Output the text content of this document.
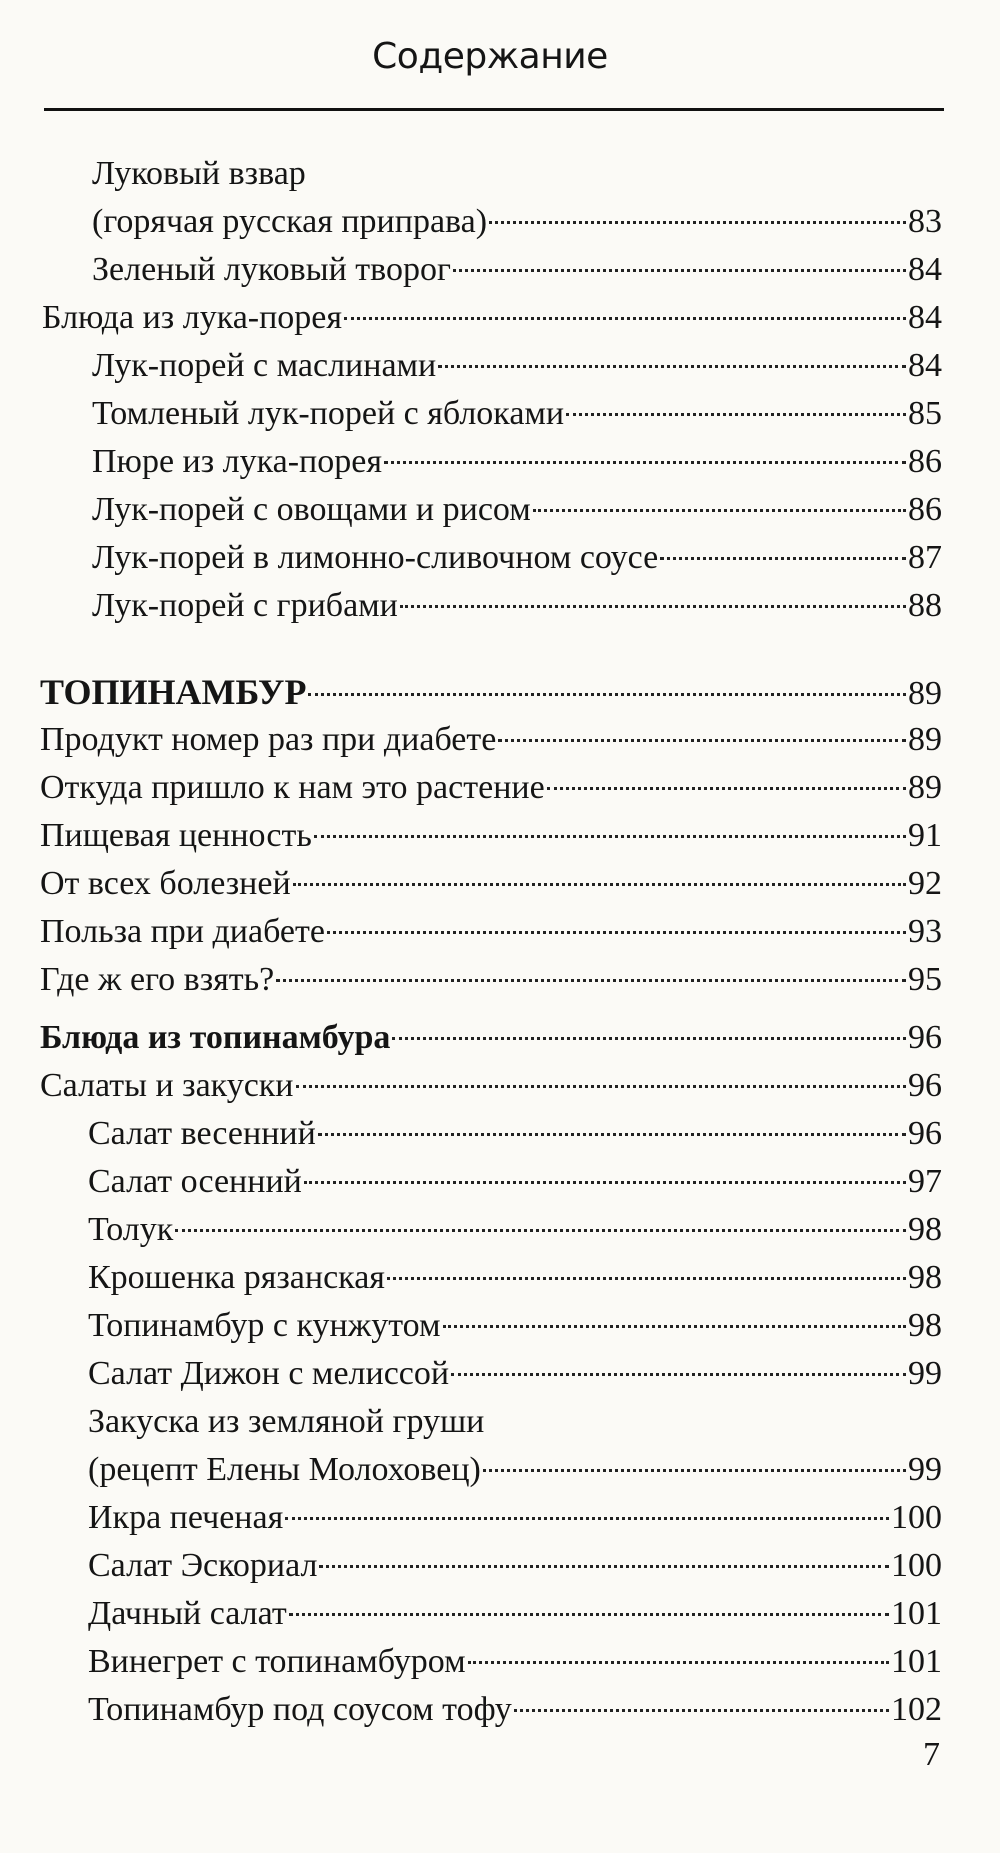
Содержание
Луковый взвар
(горячая русская приправа)	83
Зеленый луковый творог	84
Блюда из лука-порея	84
Лук-порей с маслинами	84
Томленый лук-порей с яблоками	85
Пюре из лука-порея	86
Лук-порей с овощами и рисом	86
Лук-порей в лимонно-сливочном соусе	87
Лук-порей с грибами	88
ТОПИНАМБУР	89
Продукт номер раз при диабете	89
Откуда пришло к нам это растение	89
Пищевая ценность	91
От всех болезней	92
Польза при диабете	93
Где ж его взять?	95
Блюда из топинамбура	96
Салаты и закуски	96
Салат весенний	96
Салат осенний	97
Толук	98
Крошенка рязанская	98
Топинамбур с кунжутом	98
Салат Дижон с мелиссой	99
Закуска из земляной груши
(рецепт Елены Молоховец)	99
Икра печеная	100
Салат Эскориал	100
Дачный салат	101
Винегрет с топинамбуром	101
Топинамбур под соусом тофу	102
7
